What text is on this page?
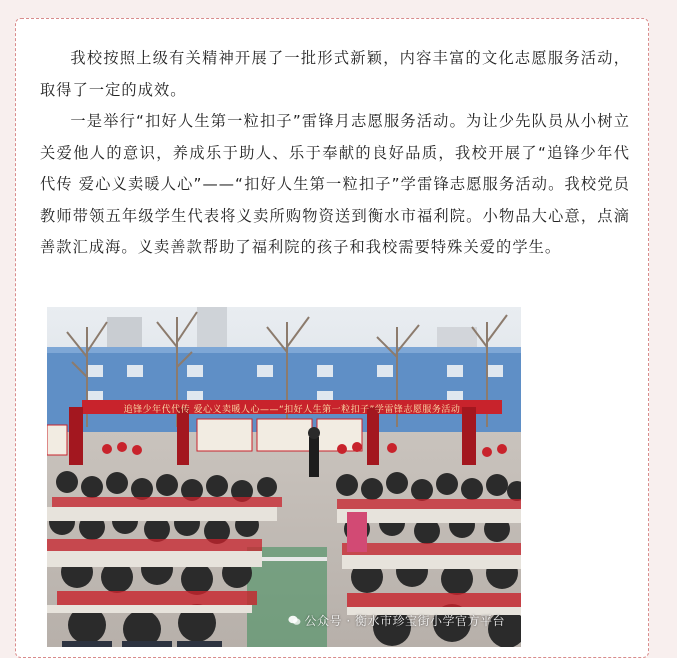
我校按照上级有关精神开展了一批形式新颖，内容丰富的文化志愿服务活动，取得了一定的成效。

一是举行“扣好人生第一粒扣子”雷锋月志愿服务活动。为让少先队员从小树立关爱他人的意识，养成乐于助人、乐于奉献的良好品质，我校开展了“追锋少年代代传 爱心义卖暖人心”——“扣好人生第一粒扣子”学雷锋志愿服务活动。我校党员教师带领五年级学生代表将义卖所购物资送到衡水市福利院。小物品大心意，点滴善款汇成海。义卖善款帮助了福利院的孩子和我校需要特殊关爱的学生。

追锋少年代代传 爱心义卖暖人心——“扣好人生第一粒扣子”学雷锋志愿服务活动
公众号 · 衡水市珍宝街小学官方平台
